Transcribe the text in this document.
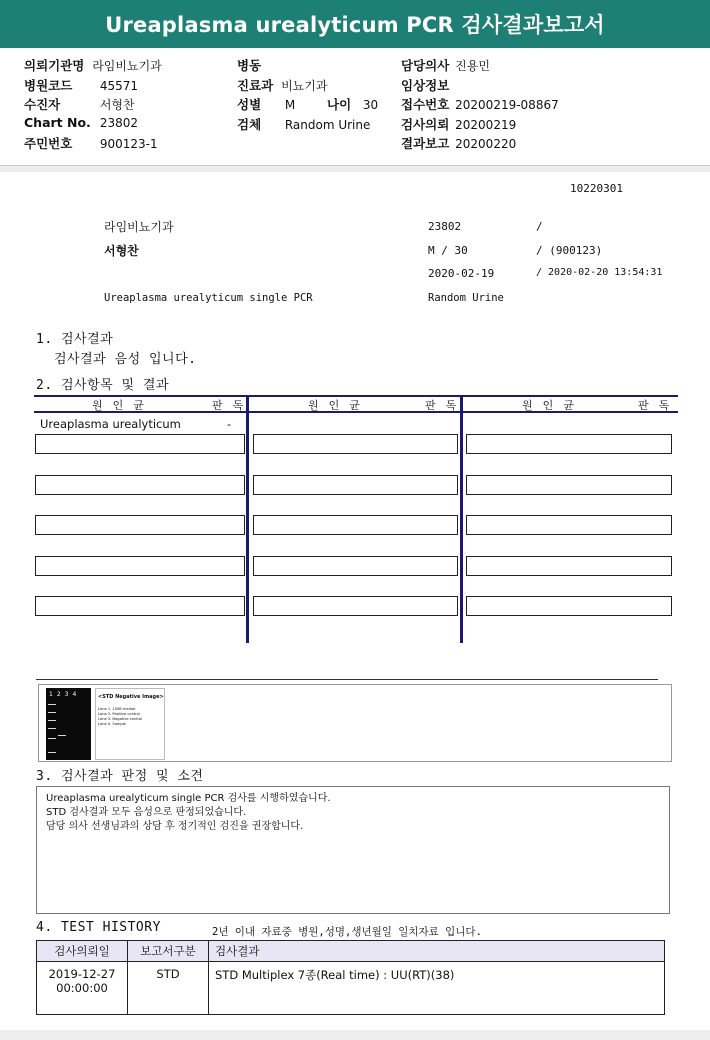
Ureaplasma urealyticum PCR 검사결과보고서
의뢰기관명 라임비뇨기과
병원코드 45571
수진자	서형찬
Chart No. 23802
주민번호 900123-1
병동
진료과 비뇨기과
성별 M	나이 30
검체 Random Urine
담당의사 진용민
임상정보
접수번호 20200219-08867
검사의뢰 20200219
결과보고 20200220
10220301
라임비뇨기과	23802	/
서형찬	M / 30	/ (900123)
2020-02-19	/ 2020-02-20 13:54:31
Ureaplasma urealyticum single PCR	Random Urine
1. 검사결과
검사결과 음성 입니다.
2. 검사항목 및 결과
원인균	판독	원인균	판독	원인균	판독
Ureaplasma urealyticum	-
1234	<STD Negative Image>
Lane 1. 100B marker
Lane 2. Positive control
Lane 3. Negative control
Lane 4. Sample
3. 검사결과 판정 및 소견
Ureaplasma urealyticum single PCR 검사를 시행하였습니다.
STD 검사결과 모두 음성으로 판정되었습니다.
담당 의사 선생님과의 상담 후 정기적인 검진을 권장합니다.
4. TEST HISTORY	2년 이내 자료중 병원,성명,생년월일 일치자료 입니다.
검사의뢰일	보고서구분	검사결과

2019-12-27
00:00:00	STD	STD Multiplex 7종(Real time) : UU(RT)(38)
